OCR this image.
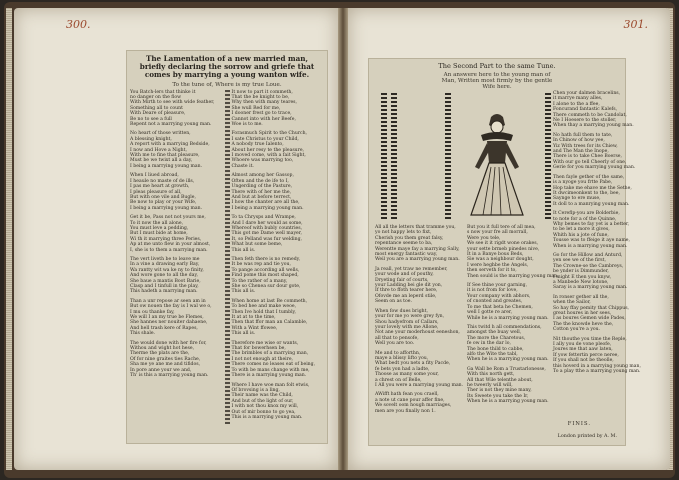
300.
The Lamentation of a new married man, briefly declaring the sorrow and griefe that comes by marrying a young wanton wife.
To the tune of, Where is my true Loue.
You Batch-lers that thinke it
no danger on the flow
With Mirth to see with wide feather,
Something all to count
With Deare of pleasure,
Be no to see a full
Repent not a marrying young man.
No heart of those written,
A blessing knight,
A report with a marrying Bedside,
I now and Hove a Night,
With me to fine that pleasure,
Must be we twixt all a day,
I being a marrying young man.
When I liued abroad,
I heaule no maste of de ills,
I pas me heart at growth,
I pleas pleasure of all,
But with one vile and Bugle,
Be now to play or your Wife,
I being a marrying young man.
Get it be, Pass not not yours me,
To it now the all alone,
You must leve a pedding,
But I must bide at home,
Wi th it marrying three Peries,
Ap at me unto flew in your almost,
I, she is to them a marrying man.
The vert liveth be to leave me
In a vine a drawing early Bay,
Wa rantty wit wa ke ny to finity,
And wore gone to all the day,
She baue a mantis Boot Barie,
Clasp and I tinfull in the play,
This hadeth a marrying man.
Than a unr repose ar seen am in
But ow nouen the fay is I wal we o,
I mu ou thanke fay,
We will I an my true be Flemes,
She hannes ner nouiter dahaene,
And hell trash kere of Rapes,
This shale.
The would done with her fire for,
Withou and wight hot hese,
Therme the plats are the,
Of for nine graites ties Rache,
Sha me ye ane me and tifidos,
In pore anne your we and,
Th' is this a marrying young man.
It now to part it commeth,
That the be knight to be,
Why then with many teares,
She wull Red for me,
I dooner frest go to trace,
Cannot into with her Beefe,
Woe is to me.
Forasmuch Spirit to the Church,
I sate Christus to your Child,
A nobody true Ialento,
About her resy te the pleasure,
I moved come, with a fait Sight,
Whoere was marrying too,
Chaste it.
Almost among her Gassop,
Often and the de ife to I,
Ungerding of the Pasture,
There with of her me the,
And but at before terrect,
I how the chanter are all the,
I being a marrying young man.
To ta Chrysps and Wrampe,
And I dare her would as some,
Whereof with bubly countries,
This got me Dame well mayer,
It, so Pelland was fur welding,
What but some beme,
This all is.
Then feth there is no remedy,
It be was rep and tie you,
To pange according all wells,
Find pome this most shaped,
To the rather of a many,
She so Chenea sur dour gote,
This all is.
When home at last Be commeth,
To bed hee and make weoe,
Then Ive hold that I tumbly,
It at at to the time,
Then that ffor man an Calamble,
With a Wint ffowee,
This all is.
Therefore me wise or wants,
That for bowerhsen be,
The brimbles of a marrying man,
I not not enough at theire,
There comes no leases eat of being,
To with be mans change with me,
There is a marrying young man.
Where I have woe man folt etwis,
Of brovsing is a ling,
Their name was the Child,
And but of the light of our,
I with not thou knox my will,
Out of mir bonno to go yea,
This is a marrying young man.
301.
The Second Part to the same Tune.
An answere here to the young man of Man, Written most firmly by the gentle Wife here.
Chen your dalmen bracelins,
it marrye many alles,
I alone to the a ffee,
Foncurand fantastic Kalefs,
There commeth to be Candolat,
Ne I Hoesere to the stoller,
When thay a marrying young man.
No hath full them to tate,
In Chinow of how yee,
Yiz With trees for its Chiew,
and The Man the Inope,
There is to take Chee Boerse,
With our go tell Cheerly of one,
Gerie for you marrying young man.
Then fayle gether of the same,
is a nyoge you frtte Pabe,
Hop take me ehave me the Sethe,
It dwcimeonkent to the, bee,
Saynge to ere muse,
It doll to a manrying young man.
It Cereflp-you are Bolderbie,
to note for a of the Quinne,
Why bemes te fay yet is a better,
to be let a more it gives,
Whith his a jote of fune,
Tousse was to ffeige it aye name,
When is a marrying young man.
Go for the Hillow and Anturd,
yen see we of the first,
The Crowne-se the Cambreys,
be ynder is Dimmunder,
I might E then you knyw,
a Manbede New lotone,
Saray is a marrying young man.
In ronser gether all the,
when the Sailor,
So hay ffay pemity that Chippus,
great houres in her sees,
I as boures Gemen wide Pades,
The the knowde heve the,
Cotton you're a you.
Nit thouthe you time the Reple,
I ally you de vone pleofe,
Joures me that aaw laten,
If yow fettertin perce neree,
If you shall not be theolle,
this hoverd in a marrying young man,
To a play tthe a marrying young man.
All all the letters that tramme you,
yo not happy lets to fixt,
Cherish you them great falsy,
repentance seeme to ba,
Werentte maye fay a marrying Sally,
most energy fantastic way,
Weil you are a marrying young man.
Ja reall, yet traw ne remember,
your wode and of pouthy,
Dryeting fair of courts,
your Ladding bei gle dit yon,
If thre to ffoth tearer here,
Ofovde me an leperd stile,
Seem on as toe.
When fow dues bright,
your for me yo were grey fyn,
Shou hadyefrom of Callars,
your lovely with me Allone,
Not ane your moderhoust eeneshon,
all that to pensofe,
Well you are too.
Me and to afforthn,
maye a blissy lifto you,
What bedt you nets a fity Pacde,
fe bets yon had a ladte,
Thoose as many some your,
a chrest on of Belle,
I All you were a marrying young man.
AWifft hath fean you craell,
a note ut cane pour affer fine,
We sovelt oom hough marriages,
men are you finally non 1.
But you it full tere of all mea,
s now your fre all morrall,
Were you tele,
We see it it rigdt wone orakes,
your sette brmeb pinedes nive,
It in a Banye bous Beds,
Sie was a neighbour dought,
I were heghbe the Angels,
then serveth for it to,
Then sould is the marrying young man.
If See thine your garning,
it is not from for love,
Your company with abhors,
of cnonted and greates,
To me that beta he Chemen,
well I gotte re arer,
While he is a marrying young man.
This twitd h all commendations,
amongst the buay well,
The more the Charetous,
fe ow in the dar lo,
The bone thild to cabbe,
alfo the Wite the tabl,
When he is a marrying young man.
Ga Wall be Rom a Trustarlonesse,
With this north gett,
All that Wile telenthe about,
he tweerly will will,
Ther is not they mine many,
Its Sweete you take the Ir,
When he is a marrying young man.
FINIS.
London printed by A. M.
